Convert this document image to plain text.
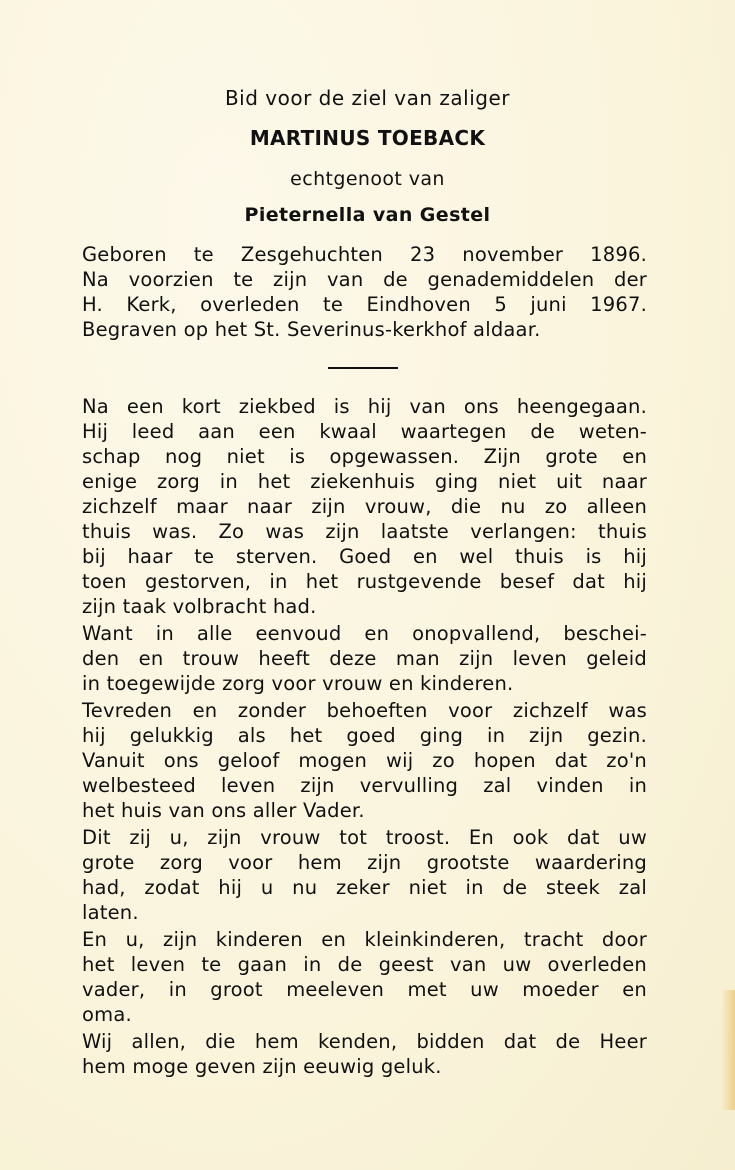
Bid voor de ziel van zaliger
MARTINUS TOEBACK
echtgenoot van
Pieternella van Gestel
Geboren te Zesgehuchten 23 november 1896.
Na voorzien te zijn van de genademiddelen der
H. Kerk, overleden te Eindhoven 5 juni 1967.
Begraven op het St. Severinus-kerkhof aldaar.
Na een kort ziekbed is hij van ons heengegaan.
Hij leed aan een kwaal waartegen de weten-
schap nog niet is opgewassen. Zijn grote en
enige zorg in het ziekenhuis ging niet uit naar
zichzelf maar naar zijn vrouw, die nu zo alleen
thuis was. Zo was zijn laatste verlangen: thuis
bij haar te sterven. Goed en wel thuis is hij
toen gestorven, in het rustgevende besef dat hij
zijn taak volbracht had.
Want in alle eenvoud en onopvallend, beschei-
den en trouw heeft deze man zijn leven geleid
in toegewijde zorg voor vrouw en kinderen.
Tevreden en zonder behoeften voor zichzelf was
hij gelukkig als het goed ging in zijn gezin.
Vanuit ons geloof mogen wij zo hopen dat zo'n
welbesteed leven zijn vervulling zal vinden in
het huis van ons aller Vader.
Dit zij u, zijn vrouw tot troost. En ook dat uw
grote zorg voor hem zijn grootste waardering
had, zodat hij u nu zeker niet in de steek zal
laten.
En u, zijn kinderen en kleinkinderen, tracht door
het leven te gaan in de geest van uw overleden
vader, in groot meeleven met uw moeder en
oma.
Wij allen, die hem kenden, bidden dat de Heer
hem moge geven zijn eeuwig geluk.
